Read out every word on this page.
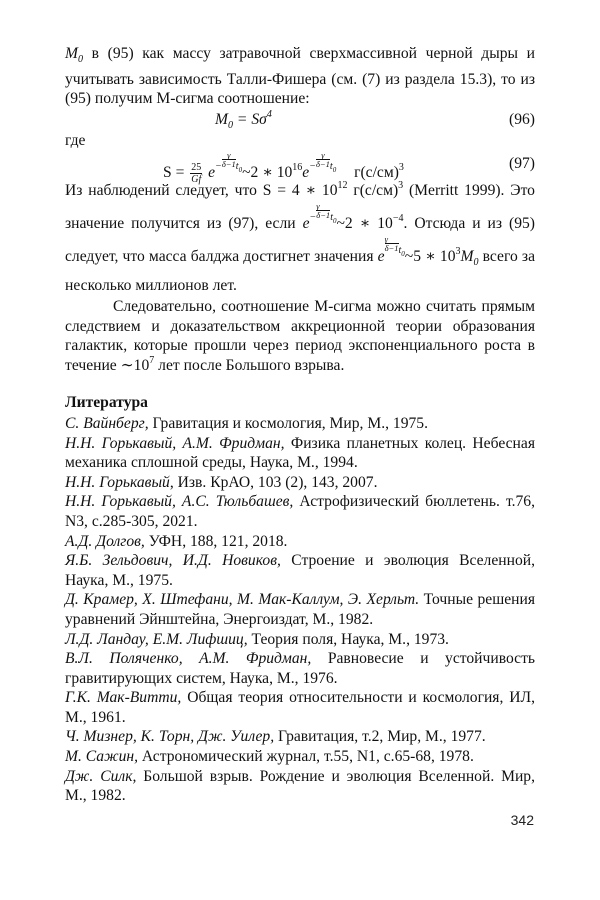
$M_0$ в (95) как массу затравочной сверхмассивной черной дыры и учитывать зависимость Талли-Фишера (см. (7) из раздела 15.3), то из (95) получим М-сигма соотношение:

$M_0 = S\sigma^4$	(96)
где
$S = \frac{25}{Gf}$ $e^{- \frac{\gamma}{\delta-1} t_0}\sim 2$ ∗ $10^{16}e^{- \frac{\gamma}{\delta-1} t_0}$ $г(с/см)^3$	(97)

Из наблюдений следует, что S = 4 ∗ $10^{12}$ $г(с/см)^3$ (Merritt 1999). Это значение получится из (97), если $e^{- \frac{\gamma}{\delta-1} t_0}\sim 2$ ∗ $10^{-4}$. Отсюда и из (95) следует, что масса балджа достигнет значения e
$^{\frac{\gamma}{\delta-1} t_0}$~5 ∗ $10^3M_0$ всего за несколько миллионов лет.

Следовательно, соотношение М-сигма можно считать прямым следствием и доказательством аккреционной теории образования галактик, которые прошли через период экспоненциального роста в течение $\sim 10^7$ лет после Большого взрыва.

Литература

С. Вайнберг, Гравитация и космология, Мир, М., 1975.

Н.Н. Горькавый, А.М. Фридман, Физика планетных колец. Небесная механика сплошной среды, Наука, М., 1994.

Н.Н. Горькавый, Изв. КрАО, 103 (2), 143, 2007.

Н.Н. Горькавый, А.С. Тюльбашев, Астрофизический бюллетень. т.76, N3, с.285-305, 2021.

А.Д. Долгов, УФН, 188, 121, 2018.

Я.Б. Зельдович, И.Д. Новиков, Строение и эволюция Вселенной, Наука, М., 1975.

Д. Крамер, Х. Штефани, М. Мак-Каллум, Э. Херльт. Точные решения уравнений Эйнштейна, Энергоиздат, М., 1982.

Л.Д. Ландау, Е.М. Лифшиц, Теория поля, Наука, М., 1973.

В.Л. Поляченко, А.М. Фридман, Равновесие и устойчивость гравитирующих систем, Наука, М., 1976.

Г.К. Мак-Витти, Общая теория относительности и космология, ИЛ, М., 1961.

Ч. Мизнер, К. Торн, Дж. Уилер, Гравитация, т.2, Мир, М., 1977.

М. Сажин, Астрономический журнал, т.55, N1, с.65-68, 1978.

Дж. Силк, Большой взрыв. Рождение и эволюция Вселенной. Мир, М., 1982.

342
